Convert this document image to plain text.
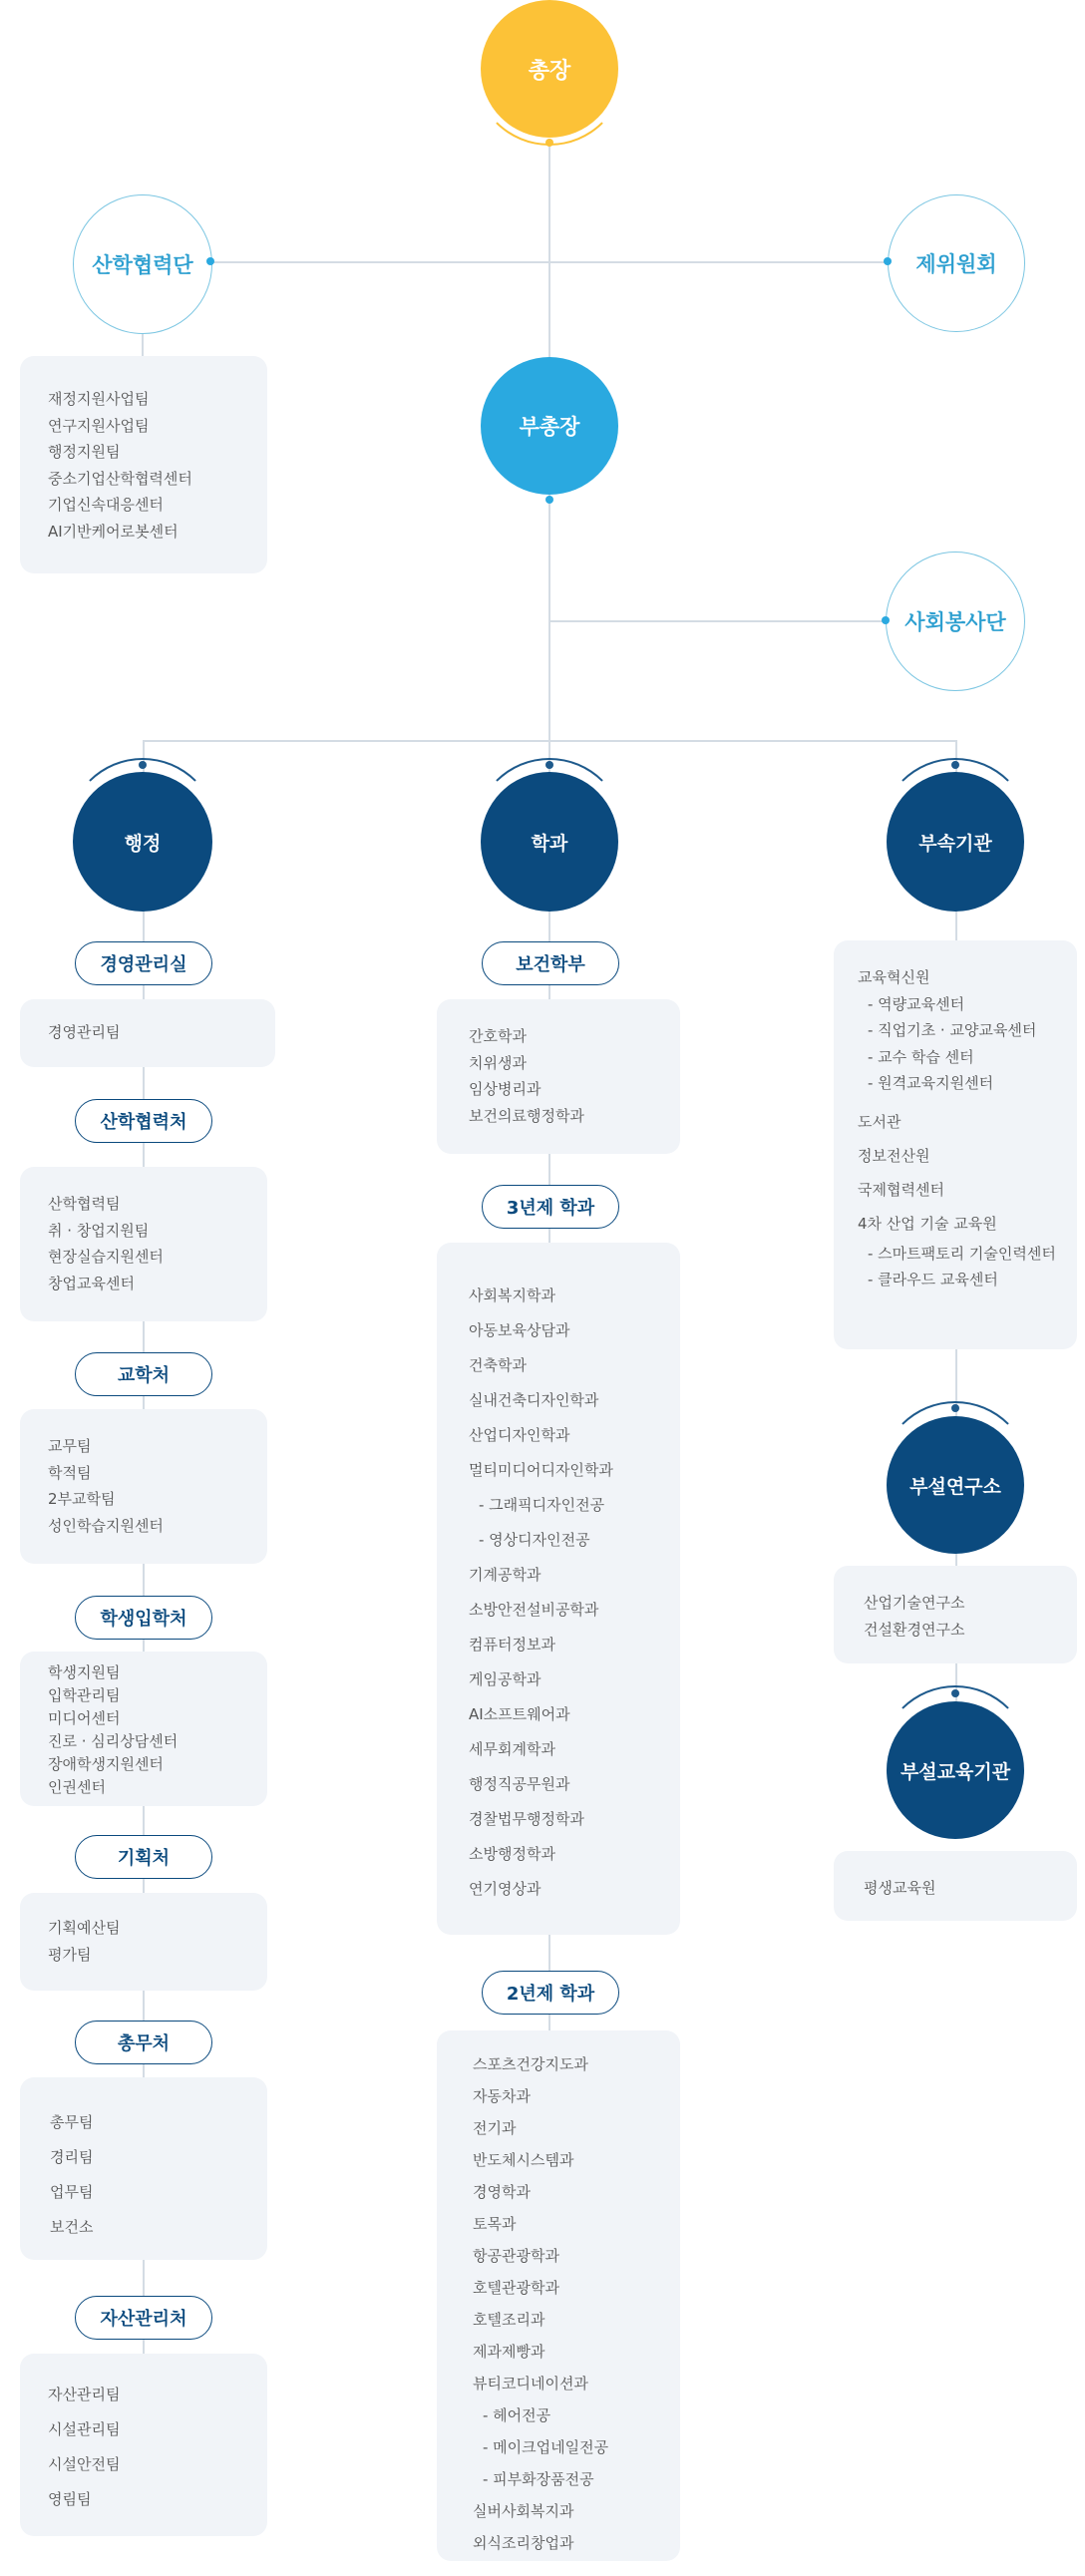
총장
산학협력단	제위원회
재정지원사업팀
연구지원사업팀
행정지원팀
중소기업산학협력센터
기업신속대응센터
AI기반케어로봇센터
부총장
사회봉사단
행정	학과	부속기관
경영관리실
경영관리팀
산학협력처
산학협력팀
취 · 창업지원팀
현장실습지원센터
창업교육센터
교학처
교무팀
학적팀
2부교학팀
성인학습지원센터
학생입학처
학생지원팀
입학관리팀
미디어센터
진로 · 심리상담센터
장애학생지원센터
인권센터
기획처
기획예산팀
평가팀
총무처
총무팀
경리팀
업무팀
보건소
자산관리처
자산관리팀
시설관리팀
시설안전팀
영림팀
보건학부
간호학과
치위생과
임상병리과
보건의료행정학과
3년제 학과
사회복지학과
아동보육상담과
건축학과
실내건축디자인학과
산업디자인학과
멀티미디어디자인학과
- 그래픽디자인전공
- 영상디자인전공
기계공학과
소방안전설비공학과
컴퓨터정보과
게임공학과
AI소프트웨어과
세무회계학과
행정직공무원과
경찰법무행정학과
소방행정학과
연기영상과
2년제 학과
스포츠건강지도과
자동차과
전기과
반도체시스템과
경영학과
토목과
항공관광학과
호텔관광학과
호텔조리과
제과제빵과
뷰티코디네이션과
- 헤어전공
- 메이크업네일전공
- 피부화장품전공
실버사회복지과
외식조리창업과
교육혁신원
- 역량교육센터
- 직업기초 · 교양교육센터
- 교수 학습 센터
- 원격교육지원센터
도서관
정보전산원
국제협력센터
4차 산업 기술 교육원
- 스마트팩토리 기술인력센터
- 클라우드 교육센터
부설연구소
산업기술연구소
건설환경연구소
부설교육기관
평생교육원
